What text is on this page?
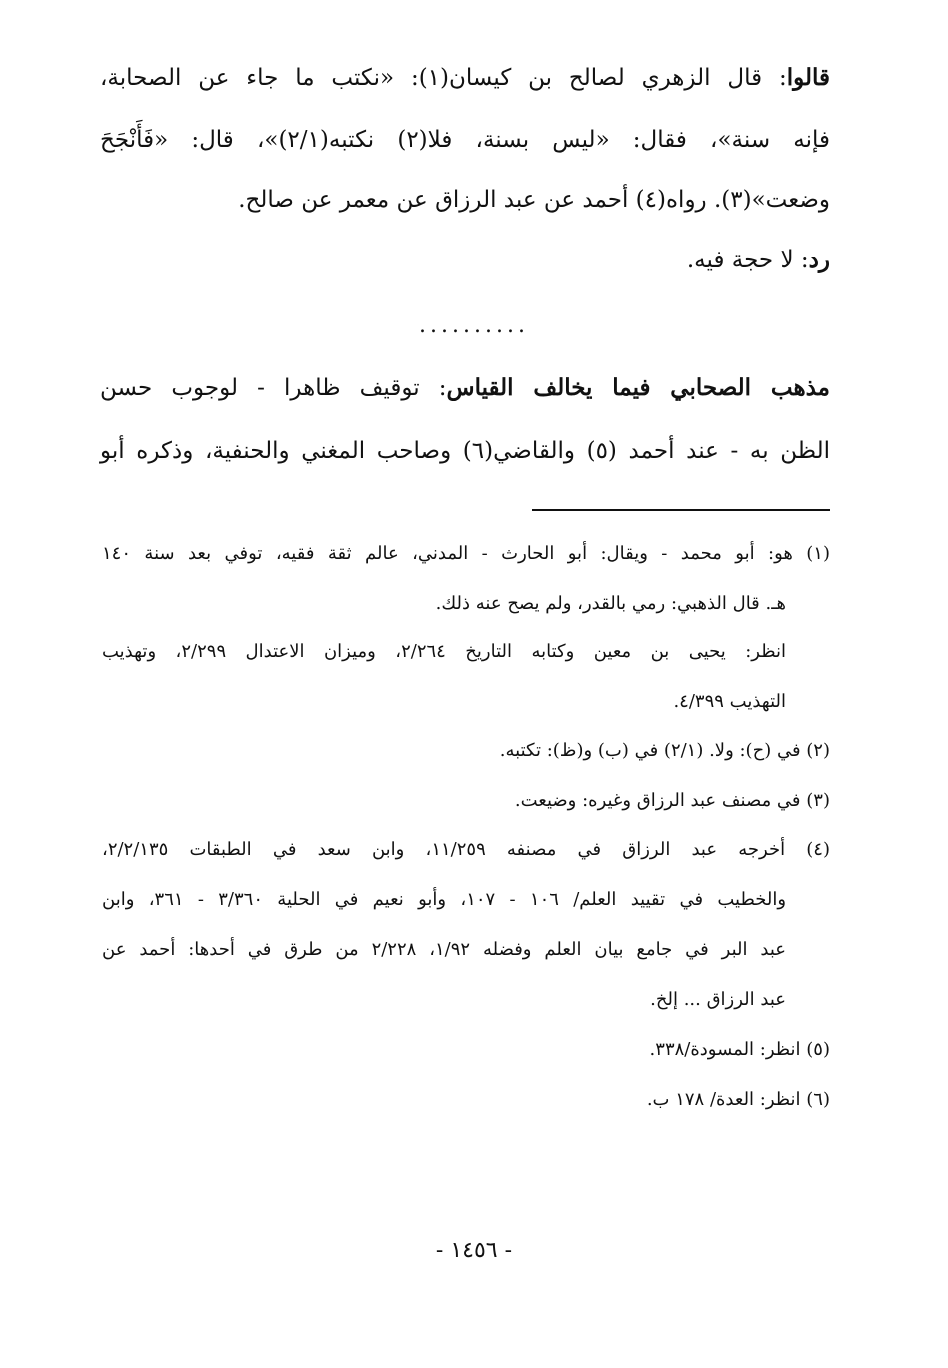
قالوا: قال الزهري لصالح بن كيسان(١): «نكتب ما جاء عن الصحابة،
فإنه سنة»، فقال: «ليس بسنة، فلا(٢) نكتبه(٢/١)»، قال: «فَأَنْجَحَ
وضعت»(٣). رواه(٤) أحمد عن عبد الرزاق عن معمر عن صالح.
رد: لا حجة فيه.
..........
مذهب الصحابي فيما يخالف القياس: توقيف ظاهرا - لوجوب حسن
الظن به - عند أحمد (٥) والقاضي(٦) وصاحب المغني والحنفية، وذكره أبو
(١) هو: أبو محمد - ويقال: أبو الحارث - المدني، عالم ثقة فقيه، توفي بعد سنة ١٤٠
هـ. قال الذهبي: رمي بالقدر، ولم يصح عنه ذلك.
انظر: يحيى بن معين وكتابه التاريخ ٢/٢٦٤، وميزان الاعتدال ٢/٢٩٩، وتهذيب
التهذيب ٤/٣٩٩.
(٢) في (ح): ولا. (٢/١) في (ب) و(ظ): تكتبه.
(٣) في مصنف عبد الرزاق وغيره: وضيعت.
(٤) أخرجه عبد الرزاق في مصنفه ١١/٢٥٩، وابن سعد في الطبقات ٢/٢/١٣٥،
والخطيب في تقييد العلم/ ١٠٦ - ١٠٧، وأبو نعيم في الحلية ٣/٣٦٠ - ٣٦١، وابن
عبد البر في جامع بيان العلم وفضله ١/٩٢، ٢/٢٢٨ من طرق في أحدها: أحمد عن
عبد الرزاق ... إلخ.
(٥) انظر: المسودة/٣٣٨.
(٦) انظر: العدة/ ١٧٨ ب.
- ١٤٥٦ -
